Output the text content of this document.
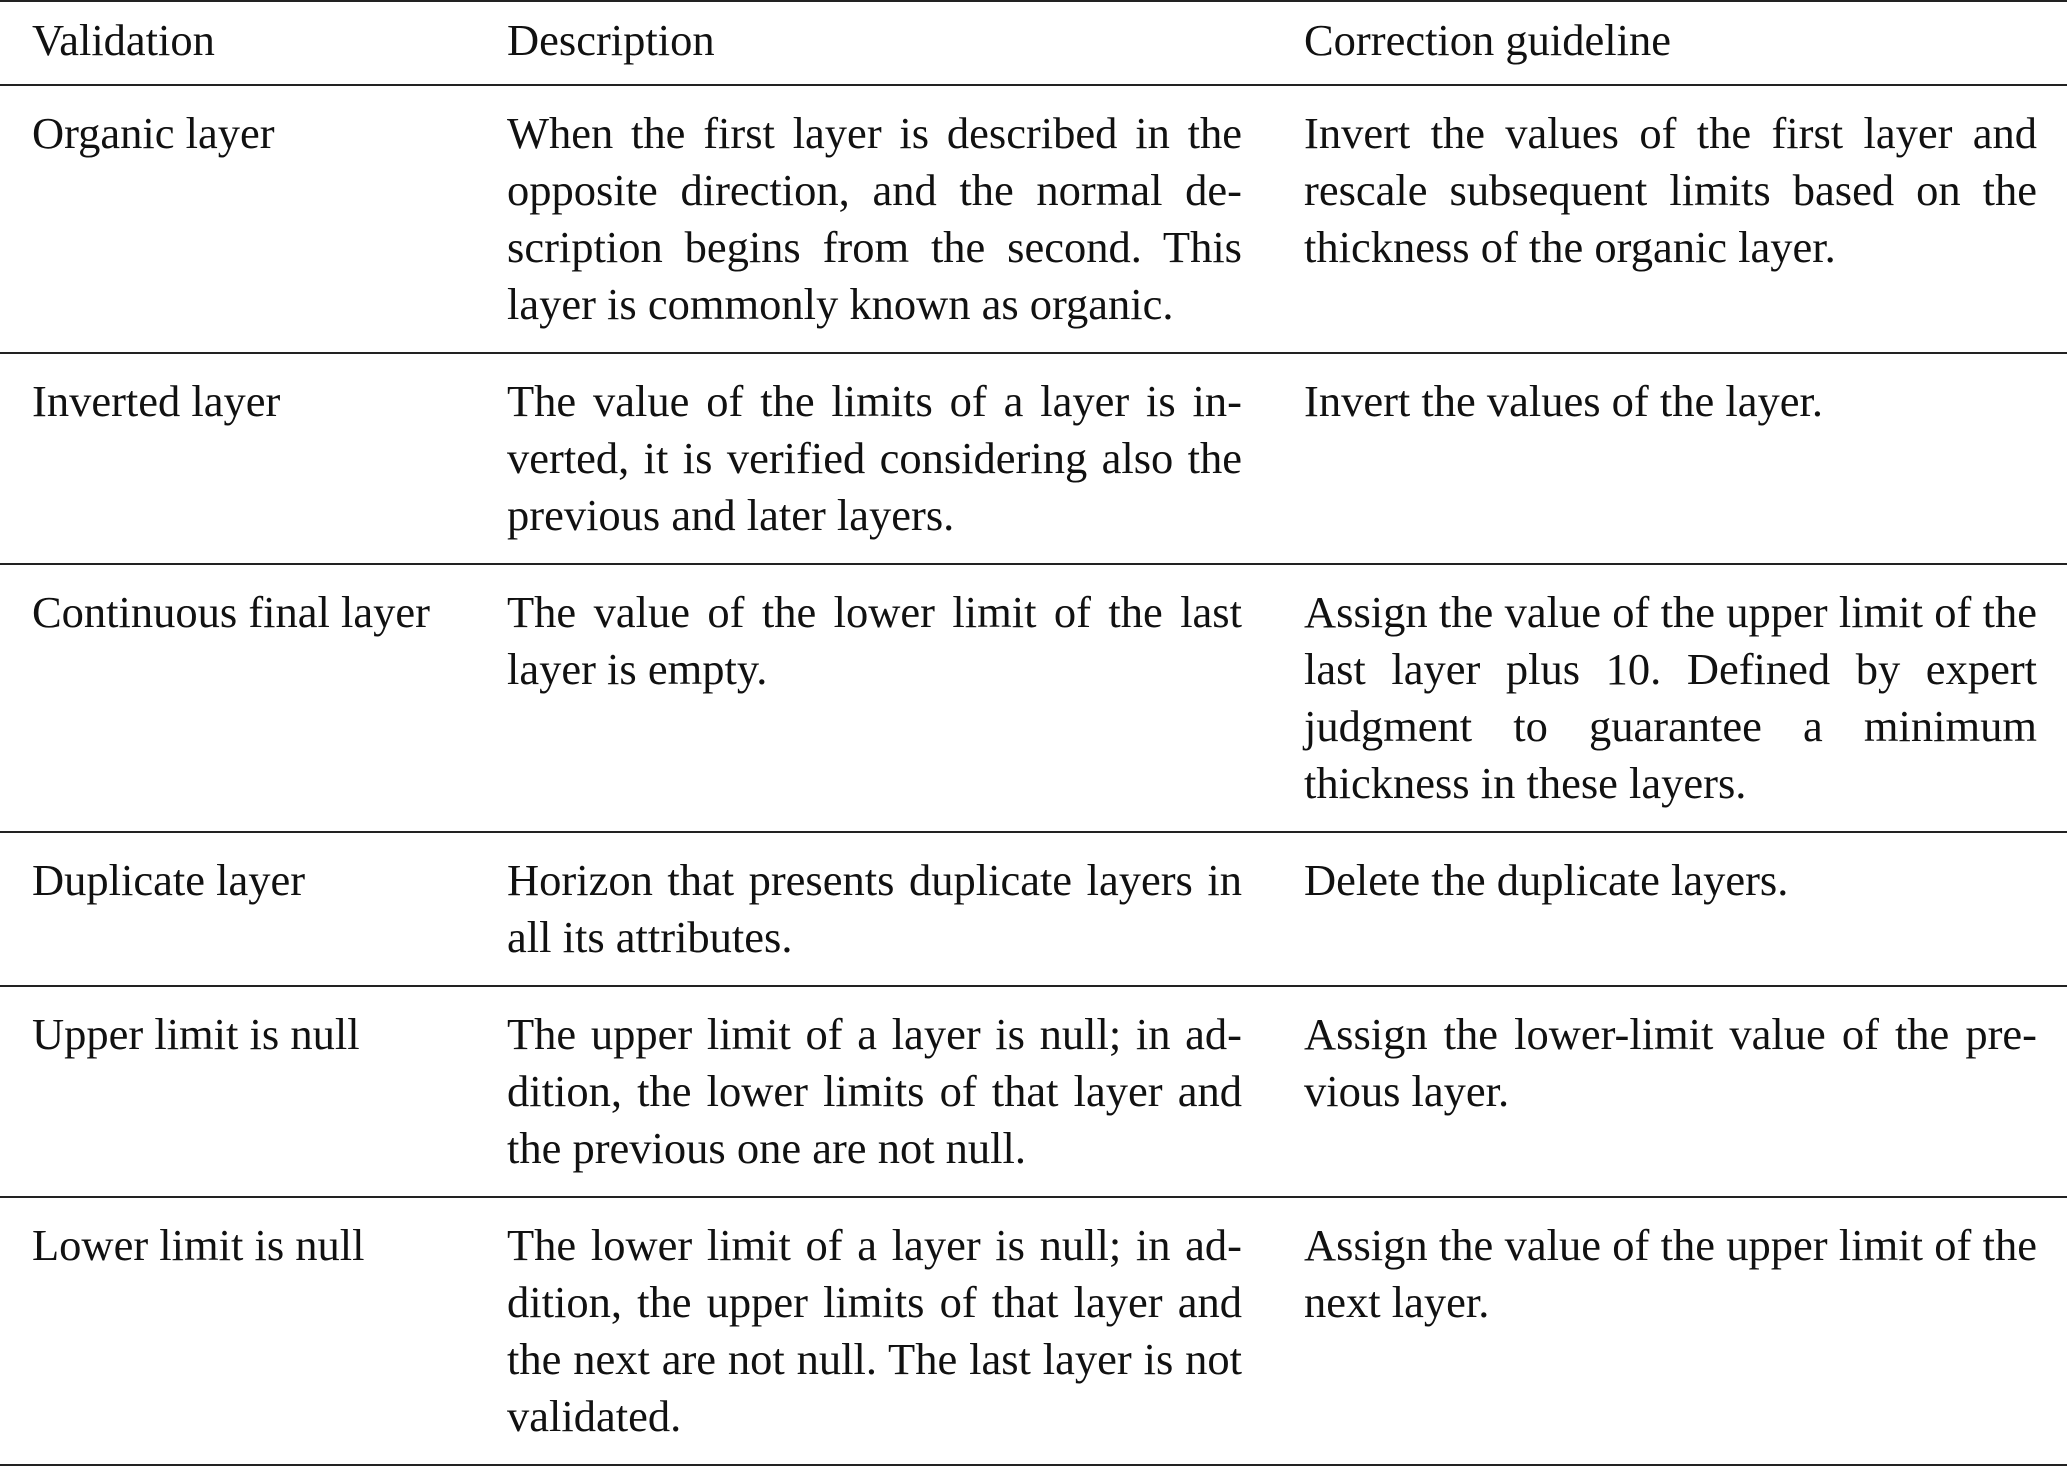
Validation	Description	Correction guideline
Organic layer	When the first layer is described in the opposite direction, and the normal description begins from the second. This layer is commonly known as organic.	Invert the values of the first layer and rescale subsequent limits based on the thickness of the organic layer.
Inverted layer	The value of the limits of a layer is inverted, it is verified considering also the previous and later layers.	Invert the values of the layer.
Continuous final layer	The value of the lower limit of the last layer is empty.	Assign the value of the upper limit of the last layer plus 10. Defined by expert judgment to guarantee a minimum thickness in these layers.
Duplicate layer	Horizon that presents duplicate layers in all its attributes.	Delete the duplicate layers.
Upper limit is null	The upper limit of a layer is null; in addition, the lower limits of that layer and the previous one are not null.	Assign the lower-limit value of the previous layer.
Lower limit is null	The lower limit of a layer is null; in addition, the upper limits of that layer and the next are not null. The last layer is not validated.	Assign the value of the upper limit of the next layer.
